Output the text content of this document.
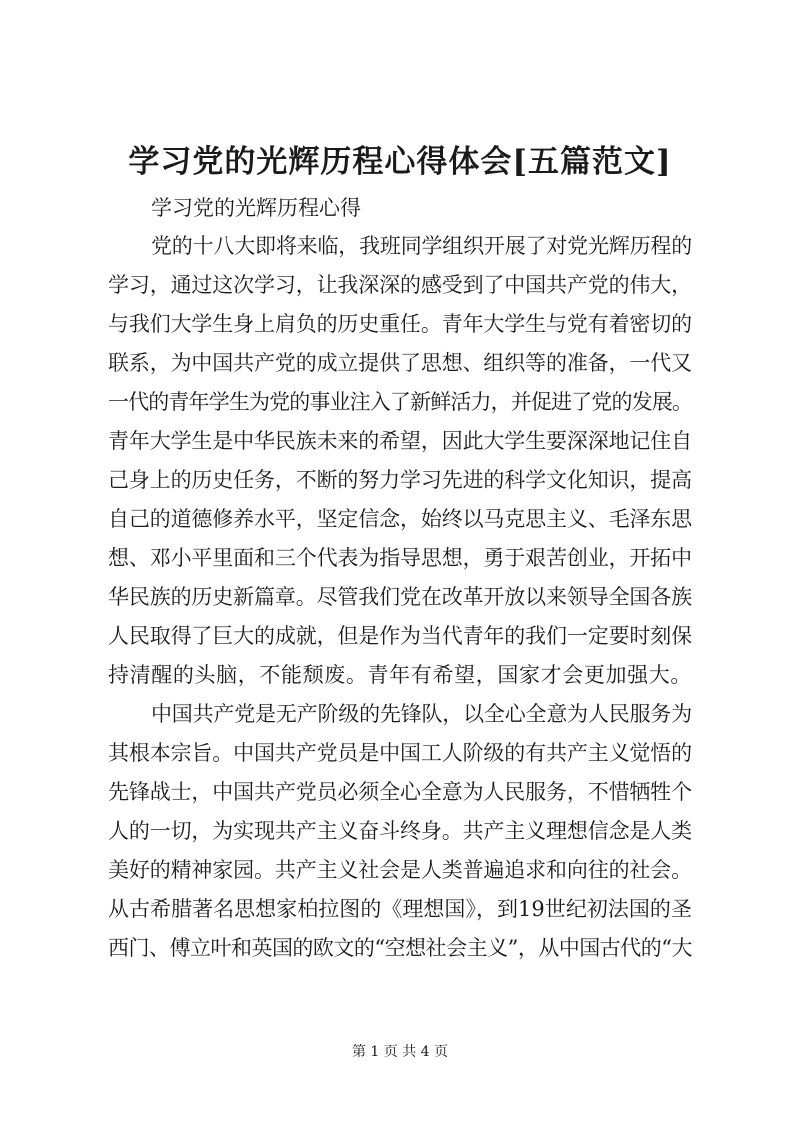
学习党的光辉历程心得体会[五篇范文]

学习党的光辉历程心得

党的十八大即将来临，我班同学组织开展了对党光辉历程的

学习，通过这次学习，让我深深的感受到了中国共产党的伟大，

与我们大学生身上肩负的历史重任。青年大学生与党有着密切的

联系，为中国共产党的成立提供了思想、组织等的准备，一代又

一代的青年学生为党的事业注入了新鲜活力，并促进了党的发展。

青年大学生是中华民族未来的希望，因此大学生要深深地记住自

己身上的历史任务，不断的努力学习先进的科学文化知识，提高

自己的道德修养水平，坚定信念，始终以马克思主义、毛泽东思

想、邓小平里面和三个代表为指导思想，勇于艰苦创业，开拓中

华民族的历史新篇章。尽管我们党在改革开放以来领导全国各族

人民取得了巨大的成就，但是作为当代青年的我们一定要时刻保

持清醒的头脑，不能颓废。青年有希望，国家才会更加强大。

中国共产党是无产阶级的先锋队，以全心全意为人民服务为

其根本宗旨。中国共产党员是中国工人阶级的有共产主义觉悟的

先锋战士，中国共产党员必须全心全意为人民服务，不惜牺牲个

人的一切，为实现共产主义奋斗终身。共产主义理想信念是人类

美好的精神家园。共产主义社会是人类普遍追求和向往的社会。

从古希腊著名思想家柏拉图的《理想国》，到19世纪初法国的圣

西门、傅立叶和英国的欧文的“空想社会主义”，从中国古代的“大

第 1 页 共 4 页
